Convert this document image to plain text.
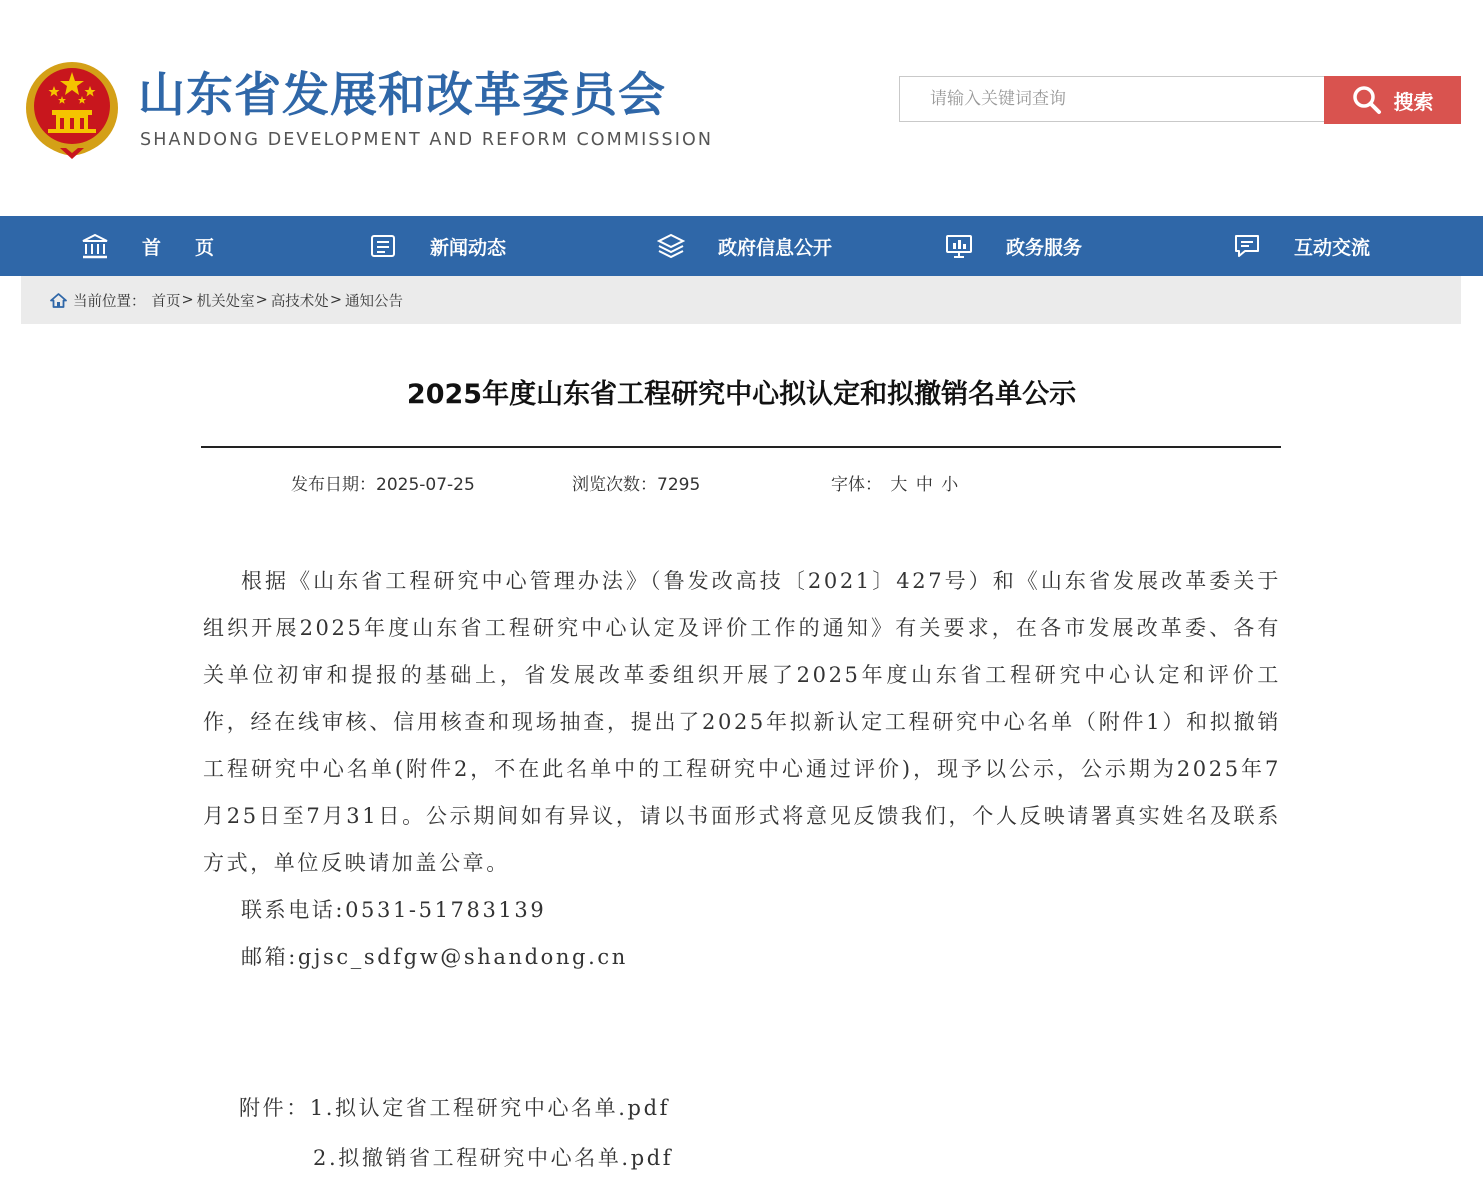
山东省发展和改革委员会
SHANDONG DEVELOPMENT AND REFORM COMMISSION
请输入关键词查询
搜索
首页	新闻动态	政府信息公开	政务服务	互动交流
当前位置： 首页 > 机关处室 > 高技术处 > 通知公告
2025年度山东省工程研究中心拟认定和拟撤销名单公示
发布日期：2025-07-25	浏览次数：7295	字体： 大 中 小

根据《山东省工程研究中心管理办法》（鲁发改高技〔2021〕427号）和《山东省发展改革委关于组织开展2025年度山东省工程研究中心认定及评价工作的通知》有关要求，在各市发展改革委、各有关单位初审和提报的基础上，省发展改革委组织开展了2025年度山东省工程研究中心认定和评价工作，经在线审核、信用核查和现场抽查，提出了2025年拟新认定工程研究中心名单（附件1）和拟撤销工程研究中心名单(附件2，不在此名单中的工程研究中心通过评价)，现予以公示，公示期为2025年7月25日至7月31日。公示期间如有异议，请以书面形式将意见反馈我们，个人反映请署真实姓名及联系方式，单位反映请加盖公章。

联系电话:0531-51783139

邮箱:gjsc_sdfgw@shandong.cn

附件：1.拟认定省工程研究中心名单.pdf
2.拟撤销省工程研究中心名单.pdf
